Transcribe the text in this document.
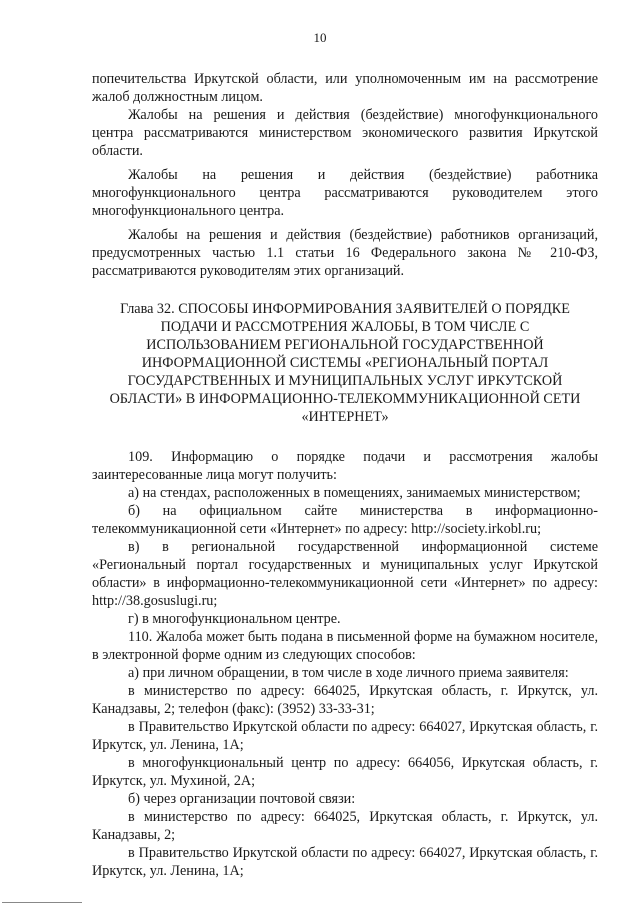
10

попечительства Иркутской области, или уполномоченным им на рассмотрение жалоб должностным лицом.

Жалобы на решения и действия (бездействие) многофункционального центра рассматриваются министерством экономического развития Иркутской области.

Жалобы на решения и действия (бездействие) работника многофункционального центра рассматриваются руководителем этого многофункционального центра.

Жалобы на решения и действия (бездействие) работников организаций, предусмотренных частью 1.1 статьи 16 Федерального закона № 210-ФЗ, рассматриваются руководителям этих организаций.

Глава 32. СПОСОБЫ ИНФОРМИРОВАНИЯ ЗАЯВИТЕЛЕЙ О ПОРЯДКЕ ПОДАЧИ И РАССМОТРЕНИЯ ЖАЛОБЫ, В ТОМ ЧИСЛЕ С ИСПОЛЬЗОВАНИЕМ РЕГИОНАЛЬНОЙ ГОСУДАРСТВЕННОЙ ИНФОРМАЦИОННОЙ СИСТЕМЫ «РЕГИОНАЛЬНЫЙ ПОРТАЛ ГОСУДАРСТВЕННЫХ И МУНИЦИПАЛЬНЫХ УСЛУГ ИРКУТСКОЙ ОБЛАСТИ» В ИНФОРМАЦИОННО-ТЕЛЕКОММУНИКАЦИОННОЙ СЕТИ «ИНТЕРНЕТ»

109. Информацию о порядке подачи и рассмотрения жалобы заинтересованные лица могут получить:

а) на стендах, расположенных в помещениях, занимаемых министерством;

б) на официальном сайте министерства в информационно-телекоммуникационной сети «Интернет» по адресу: http://society.irkobl.ru;

в) в региональной государственной информационной системе «Региональный портал государственных и муниципальных услуг Иркутской области» в информационно-телекоммуникационной сети «Интернет» по адресу: http://38.gosuslugi.ru;

г) в многофункциональном центре.

110. Жалоба может быть подана в письменной форме на бумажном носителе, в электронной форме одним из следующих способов:

а) при личном обращении, в том числе в ходе личного приема заявителя:

в министерство по адресу: 664025, Иркутская область, г. Иркутск, ул. Канадзавы, 2; телефон (факс): (3952) 33-33-31;

в Правительство Иркутской области по адресу: 664027, Иркутская область, г. Иркутск, ул. Ленина, 1А;

в многофункциональный центр по адресу: 664056, Иркутская область, г. Иркутск, ул. Мухиной, 2А;

б) через организации почтовой связи:

в министерство по адресу: 664025, Иркутская область, г. Иркутск, ул. Канадзавы, 2;

в Правительство Иркутской области по адресу: 664027, Иркутская область, г. Иркутск, ул. Ленина, 1А;
